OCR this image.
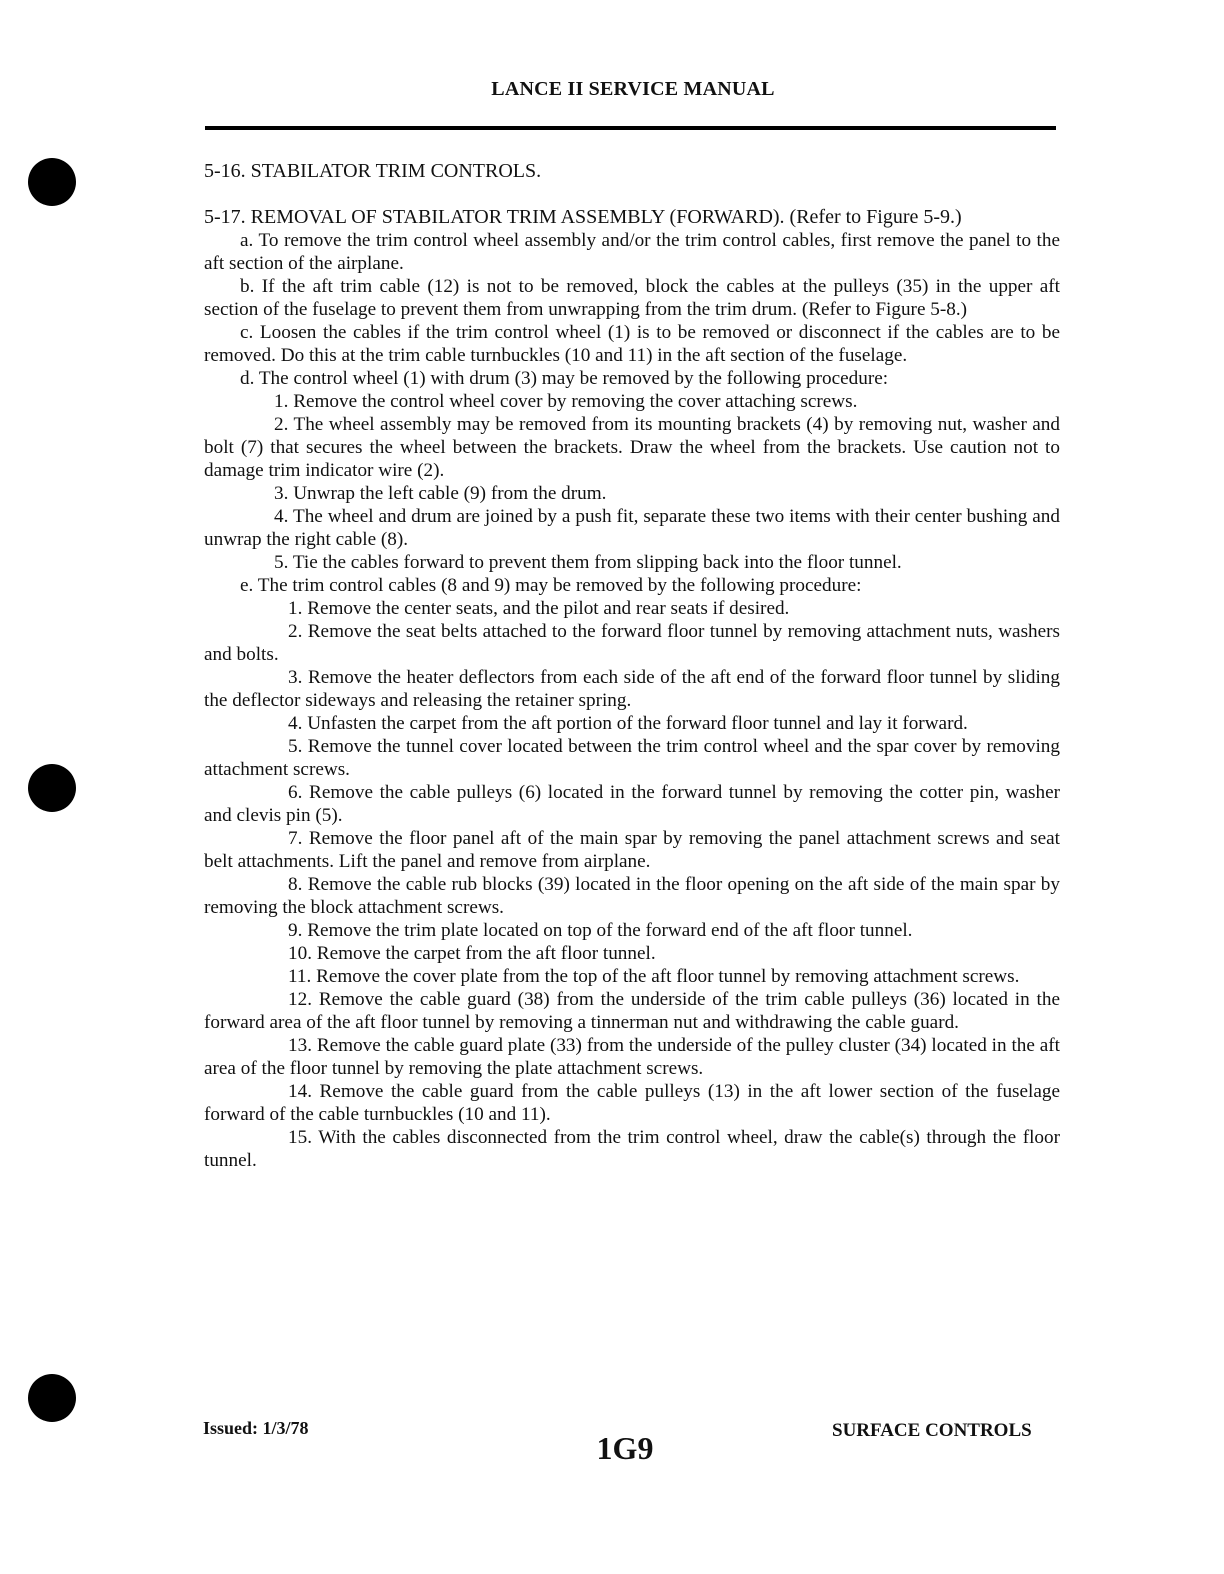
LANCE II SERVICE MANUAL

5-16. STABILATOR TRIM CONTROLS.

5-17. REMOVAL OF STABILATOR TRIM ASSEMBLY (FORWARD). (Refer to Figure 5-9.)

a. To remove the trim control wheel assembly and/or the trim control cables, first remove the panel to the aft section of the airplane.

b. If the aft trim cable (12) is not to be removed, block the cables at the pulleys (35) in the upper aft section of the fuselage to prevent them from unwrapping from the trim drum. (Refer to Figure 5-8.)

c. Loosen the cables if the trim control wheel (1) is to be removed or disconnect if the cables are to be removed. Do this at the trim cable turnbuckles (10 and 11) in the aft section of the fuselage.

d. The control wheel (1) with drum (3) may be removed by the following procedure:

1. Remove the control wheel cover by removing the cover attaching screws.

2. The wheel assembly may be removed from its mounting brackets (4) by removing nut, washer and bolt (7) that secures the wheel between the brackets. Draw the wheel from the brackets. Use caution not to damage trim indicator wire (2).

3. Unwrap the left cable (9) from the drum.

4. The wheel and drum are joined by a push fit, separate these two items with their center bushing and unwrap the right cable (8).

5. Tie the cables forward to prevent them from slipping back into the floor tunnel.

e. The trim control cables (8 and 9) may be removed by the following procedure:

1. Remove the center seats, and the pilot and rear seats if desired.

2. Remove the seat belts attached to the forward floor tunnel by removing attachment nuts, washers and bolts.

3. Remove the heater deflectors from each side of the aft end of the forward floor tunnel by sliding the deflector sideways and releasing the retainer spring.

4. Unfasten the carpet from the aft portion of the forward floor tunnel and lay it forward.

5. Remove the tunnel cover located between the trim control wheel and the spar cover by removing attachment screws.

6. Remove the cable pulleys (6) located in the forward tunnel by removing the cotter pin, washer and clevis pin (5).

7. Remove the floor panel aft of the main spar by removing the panel attachment screws and seat belt attachments. Lift the panel and remove from airplane.

8. Remove the cable rub blocks (39) located in the floor opening on the aft side of the main spar by removing the block attachment screws.

9. Remove the trim plate located on top of the forward end of the aft floor tunnel.

10. Remove the carpet from the aft floor tunnel.

11. Remove the cover plate from the top of the aft floor tunnel by removing attachment screws.

12. Remove the cable guard (38) from the underside of the trim cable pulleys (36) located in the forward area of the aft floor tunnel by removing a tinnerman nut and withdrawing the cable guard.

13. Remove the cable guard plate (33) from the underside of the pulley cluster (34) located in the aft area of the floor tunnel by removing the plate attachment screws.

14. Remove the cable guard from the cable pulleys (13) in the aft lower section of the fuselage forward of the cable turnbuckles (10 and 11).

15. With the cables disconnected from the trim control wheel, draw the cable(s) through the floor tunnel.

Issued: 1/3/78
1G9	SURFACE CONTROLS
